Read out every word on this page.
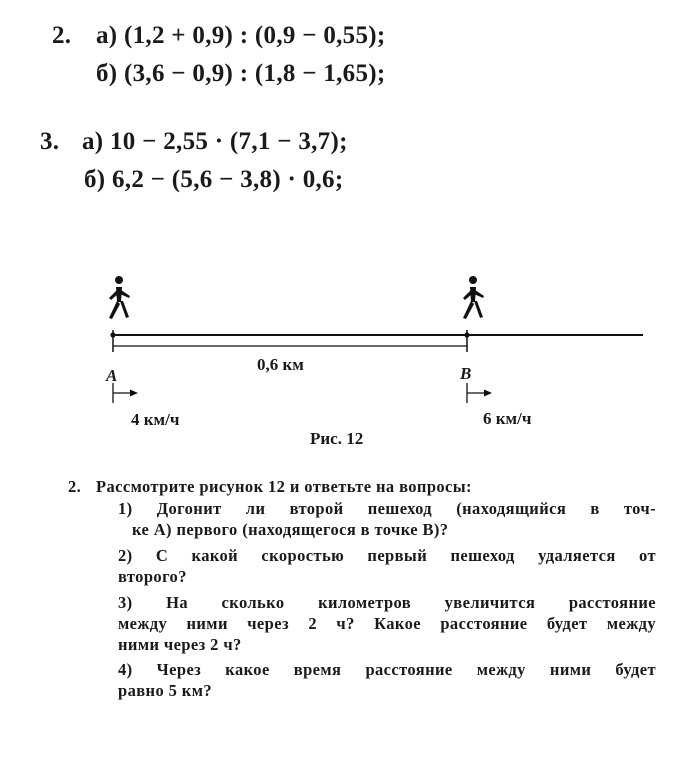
2. а) (1,2 + 0,9) : (0,9 − 0,55);
б) (3,6 − 0,9) : (1,8 − 1,65);
3. а) 10 − 2,55 · (7,1 − 3,7);
б) 6,2 − (5,6 − 3,8) · 0,6;
A	B
0,6 км
4 км/ч	6 км/ч
Рис. 12
2. Рассмотрите рисунок 12 и ответьте на вопросы:
1) Догонит ли второй пешеход (находящийся в точ-
ке A) первого (находящегося в точке B)?
2) С какой скоростью первый пешеход удаляется от
второго?
3) На сколько километров увеличится расстояние
между ними через 2 ч? Какое расстояние будет между
ними через 2 ч?
4) Через какое время расстояние между ними будет
равно 5 км?
